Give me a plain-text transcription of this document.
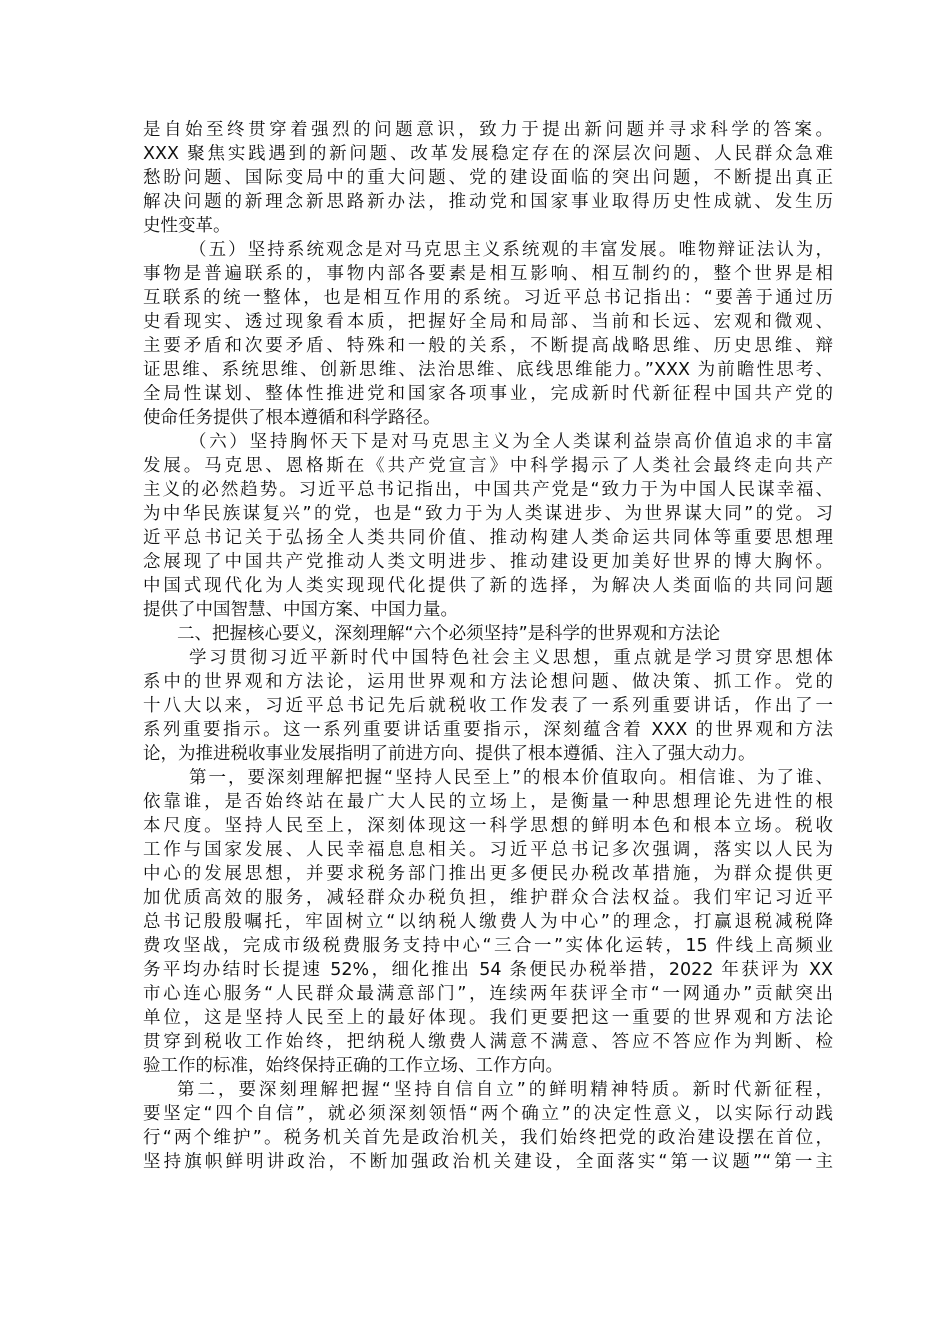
是自始至终贯穿着强烈的问题意识，致力于提出新问题并寻求科学的答案。
XXX 聚焦实践遇到的新问题、改革发展稳定存在的深层次问题、人民群众急难
愁盼问题、国际变局中的重大问题、党的建设面临的突出问题，不断提出真正
解决问题的新理念新思路新办法，推动党和国家事业取得历史性成就、发生历
史性变革。
（五）坚持系统观念是对马克思主义系统观的丰富发展。唯物辩证法认为，
事物是普遍联系的，事物内部各要素是相互影响、相互制约的，整个世界是相
互联系的统一整体，也是相互作用的系统。习近平总书记指出：“要善于通过历
史看现实、透过现象看本质，把握好全局和局部、当前和长远、宏观和微观、
主要矛盾和次要矛盾、特殊和一般的关系，不断提高战略思维、历史思维、辩
证思维、系统思维、创新思维、法治思维、底线思维能力。”XXX 为前瞻性思考、
全局性谋划、整体性推进党和国家各项事业，完成新时代新征程中国共产党的
使命任务提供了根本遵循和科学路径。
（六）坚持胸怀天下是对马克思主义为全人类谋利益崇高价值追求的丰富
发展。马克思、恩格斯在《共产党宣言》中科学揭示了人类社会最终走向共产
主义的必然趋势。习近平总书记指出，中国共产党是“致力于为中国人民谋幸福、
为中华民族谋复兴”的党，也是“致力于为人类谋进步、为世界谋大同”的党。习
近平总书记关于弘扬全人类共同价值、推动构建人类命运共同体等重要思想理
念展现了中国共产党推动人类文明进步、推动建设更加美好世界的博大胸怀。
中国式现代化为人类实现现代化提供了新的选择，为解决人类面临的共同问题
提供了中国智慧、中国方案、中国力量。
二、把握核心要义，深刻理解“六个必须坚持”是科学的世界观和方法论
学习贯彻习近平新时代中国特色社会主义思想，重点就是学习贯穿思想体
系中的世界观和方法论，运用世界观和方法论想问题、做决策、抓工作。党的
十八大以来，习近平总书记先后就税收工作发表了一系列重要讲话，作出了一
系列重要指示。这一系列重要讲话重要指示，深刻蕴含着 XXX 的世界观和方法
论，为推进税收事业发展指明了前进方向、提供了根本遵循、注入了强大动力。
第一，要深刻理解把握“坚持人民至上”的根本价值取向。相信谁、为了谁、
依靠谁，是否始终站在最广大人民的立场上，是衡量一种思想理论先进性的根
本尺度。坚持人民至上，深刻体现这一科学思想的鲜明本色和根本立场。税收
工作与国家发展、人民幸福息息相关。习近平总书记多次强调，落实以人民为
中心的发展思想，并要求税务部门推出更多便民办税改革措施，为群众提供更
加优质高效的服务，减轻群众办税负担，维护群众合法权益。我们牢记习近平
总书记殷殷嘱托，牢固树立“以纳税人缴费人为中心”的理念，打赢退税减税降
费攻坚战，完成市级税费服务支持中心“三合一”实体化运转，15 件线上高频业
务平均办结时长提速 52%，细化推出 54 条便民办税举措，2022 年获评为 XX
市心连心服务“人民群众最满意部门”，连续两年获评全市“一网通办”贡献突出
单位，这是坚持人民至上的最好体现。我们更要把这一重要的世界观和方法论
贯穿到税收工作始终，把纳税人缴费人满意不满意、答应不答应作为判断、检
验工作的标准，始终保持正确的工作立场、工作方向。
第二，要深刻理解把握“坚持自信自立”的鲜明精神特质。新时代新征程，
要坚定“四个自信”，就必须深刻领悟“两个确立”的决定性意义，以实际行动践
行“两个维护”。税务机关首先是政治机关，我们始终把党的政治建设摆在首位，
坚持旗帜鲜明讲政治，不断加强政治机关建设，全面落实“第一议题”“第一主
